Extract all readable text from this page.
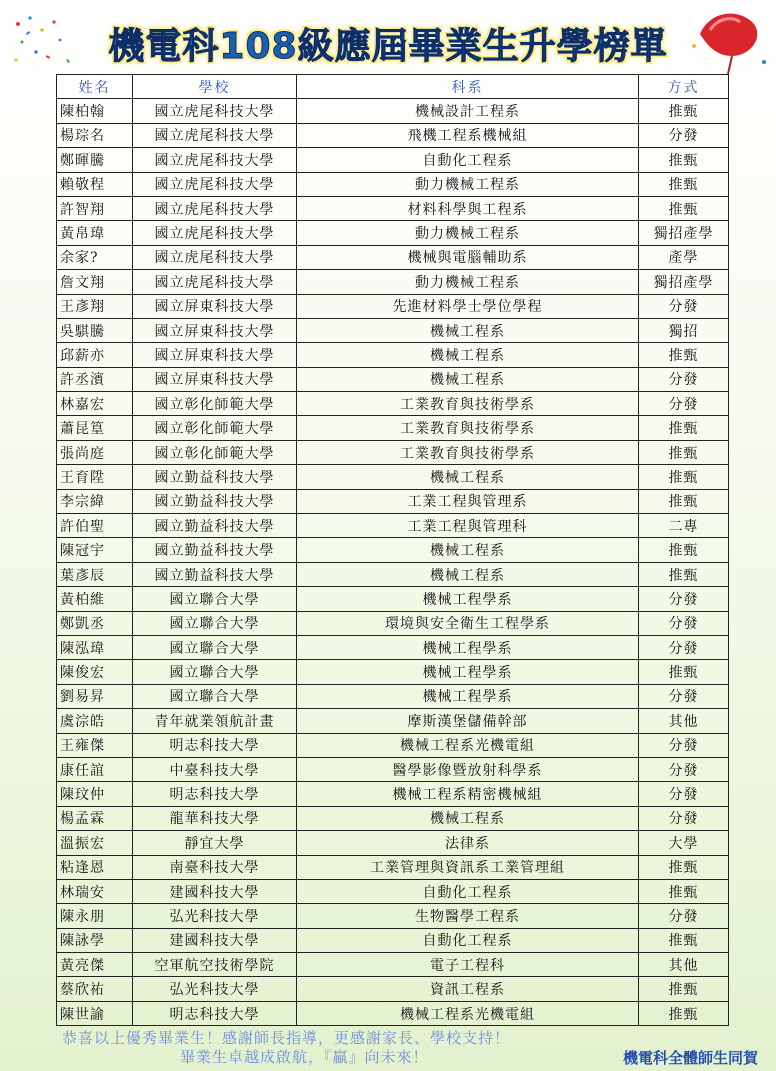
機電科108級應屆畢業生升學榜單
姓名	學校	科系	方式
陳柏翰	國立虎尾科技大學	機械設計工程系	推甄
楊琮名	國立虎尾科技大學	飛機工程系機械組	分發
鄭暉騰	國立虎尾科技大學	自動化工程系	推甄
賴敬程	國立虎尾科技大學	動力機械工程系	推甄
許智翔	國立虎尾科技大學	材料科學與工程系	推甄
黃帛瑋	國立虎尾科技大學	動力機械工程系	獨招產學
余家?	國立虎尾科技大學	機械與電腦輔助系	產學
詹文翔	國立虎尾科技大學	動力機械工程系	獨招產學
王彥翔	國立屏東科技大學	先進材料學士學位學程	分發
吳騏騰	國立屏東科技大學	機械工程系	獨招
邱薪亦	國立屏東科技大學	機械工程系	推甄
許丞濱	國立屏東科技大學	機械工程系	分發
林嘉宏	國立彰化師範大學	工業教育與技術學系	分發
蕭昆篁	國立彰化師範大學	工業教育與技術學系	推甄
張尚庭	國立彰化師範大學	工業教育與技術學系	推甄
王育陞	國立勤益科技大學	機械工程系	推甄
李宗緯	國立勤益科技大學	工業工程與管理系	推甄
許伯聖	國立勤益科技大學	工業工程與管理科	二專
陳冠宇	國立勤益科技大學	機械工程系	推甄
葉彥辰	國立勤益科技大學	機械工程系	推甄
黃柏維	國立聯合大學	機械工程學系	分發
鄭凱丞	國立聯合大學	環境與安全衛生工程學系	分發
陳泓瑋	國立聯合大學	機械工程學系	分發
陳俊宏	國立聯合大學	機械工程學系	推甄
劉易昇	國立聯合大學	機械工程學系	分發
虞淙皓	青年就業領航計畫	摩斯漢堡儲備幹部	其他
王雍傑	明志科技大學	機械工程系光機電組	分發
康任誼	中臺科技大學	醫學影像暨放射科學系	分發
陳玟仲	明志科技大學	機械工程系精密機械組	分發
楊孟霖	龍華科技大學	機械工程系	分發
溫振宏	靜宜大學	法律系	大學
粘逢恩	南臺科技大學	工業管理與資訊系工業管理組	推甄
林瑞安	建國科技大學	自動化工程系	推甄
陳永朋	弘光科技大學	生物醫學工程系	分發
陳詠學	建國科技大學	自動化工程系	推甄
黃亮傑	空軍航空技術學院	電子工程科	其他
蔡欣祐	弘光科技大學	資訊工程系	推甄
陳世諭	明志科技大學	機械工程系光機電組	推甄
恭喜以上優秀畢業生！感謝師長指導，更感謝家長、學校支持！
畢業生卓越成啟航，『贏』向未來！	機電科全體師生同賀
